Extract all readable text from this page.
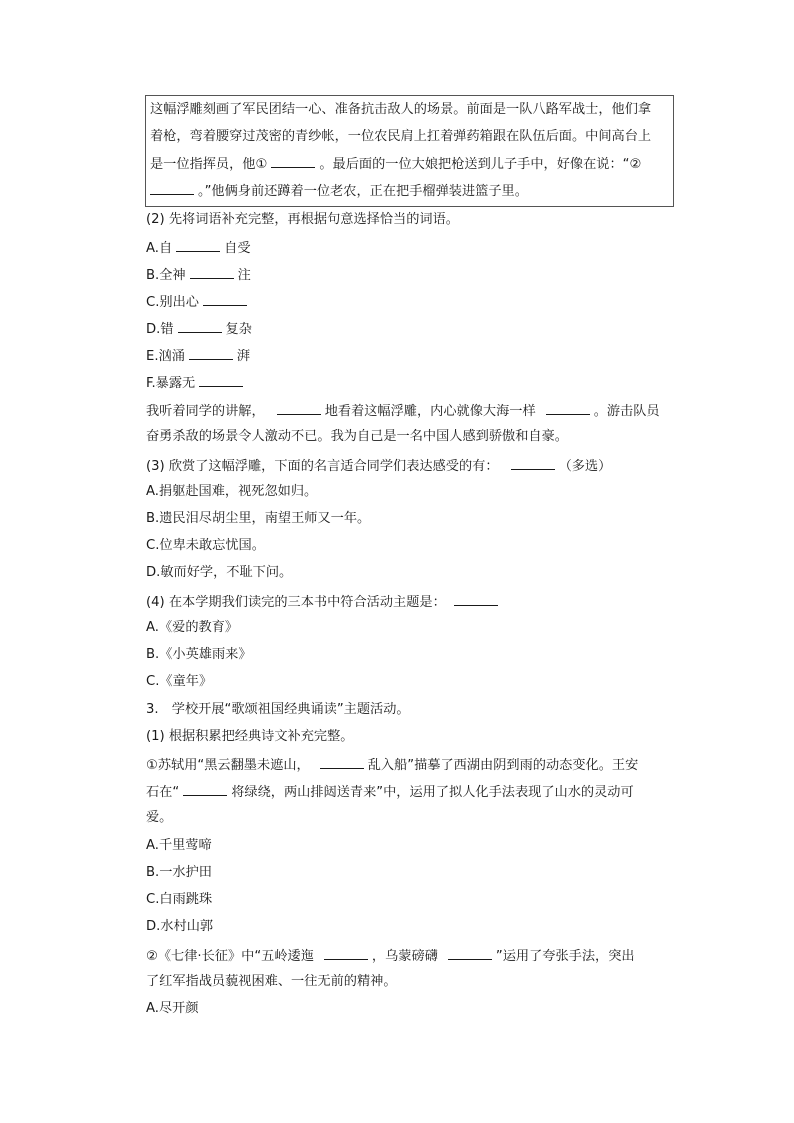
这幅浮雕刻画了军民团结一心、准备抗击敌人的场景。前面是一队八路军战士，他们拿
着枪，弯着腰穿过茂密的青纱帐，一位农民肩上扛着弹药箱跟在队伍后面。中间高台上
是一位指挥员，他①	。最后面的一位大娘把枪送到儿子手中，好像在说：“②
。”他俩身前还蹲着一位老农，正在把手榴弹装进篮子里。
(2) 先将词语补充完整，再根据句意选择恰当的词语。
A.自	自受
B.全神	注
C.别出心
D.错	复杂
E.汹涌	湃
F.暴露无
我听着同学的讲解，	地看着这幅浮雕，内心就像大海一样	。游击队员
奋勇杀敌的场景令人激动不已。我为自己是一名中国人感到骄傲和自豪。
(3) 欣赏了这幅浮雕，下面的名言适合同学们表达感受的有：	（多选）
A.捐躯赴国难，视死忽如归。
B.遗民泪尽胡尘里，南望王师又一年。
C.位卑未敢忘忧国。
D.敏而好学，不耻下问。
(4) 在本学期我们读完的三本书中符合活动主题是：
A.《爱的教育》
B.《小英雄雨来》
C.《童年》
3.　学校开展“歌颂祖国经典诵读”主题活动。
(1) 根据积累把经典诗文补充完整。
①苏轼用“黑云翻墨未遮山，	乱入船”描摹了西湖由阴到雨的动态变化。王安
石在“	将绿绕，两山排闼送青来”中，运用了拟人化手法表现了山水的灵动可
爱。
A.千里莺啼
B.一水护田
C.白雨跳珠
D.水村山郭
②《七律·长征》中“五岭逶迤	，乌蒙磅礴	”运用了夸张手法，突出
了红军指战员藐视困难、一往无前的精神。
A.尽开颜
